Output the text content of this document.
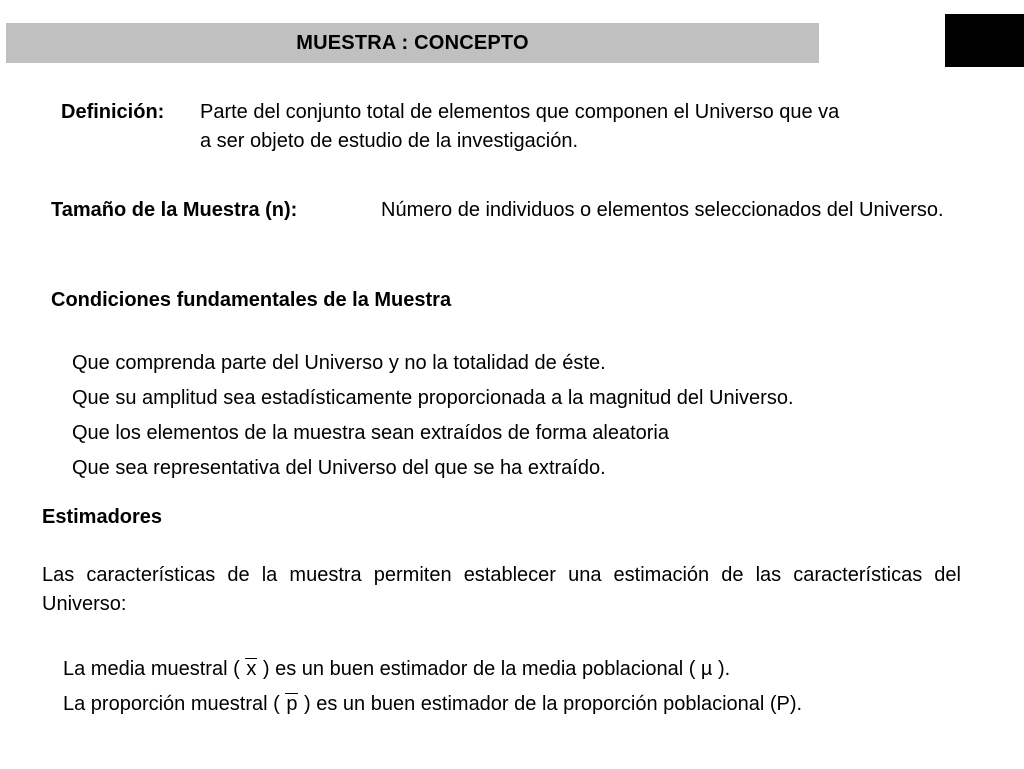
MUESTRA : CONCEPTO
Definición: Parte del conjunto total de elementos que componen el Universo que va
a ser objeto de estudio de la investigación.
Tamaño de la Muestra (n):	Número de individuos o elementos seleccionados del Universo.
Condiciones fundamentales de la Muestra
Que comprenda parte del Universo y no la totalidad de éste.
Que su amplitud sea estadísticamente proporcionada a la magnitud del Universo.
Que los elementos de la muestra sean extraídos de forma aleatoria
Que sea representativa del Universo del que se ha extraído.
Estimadores
Las características de la muestra permiten establecer una estimación de las características del Universo:
La media muestral ( x ) es un buen estimador de la media poblacional ( µ ).
La proporción muestral ( p ) es un buen estimador de la proporción poblacional (P).
